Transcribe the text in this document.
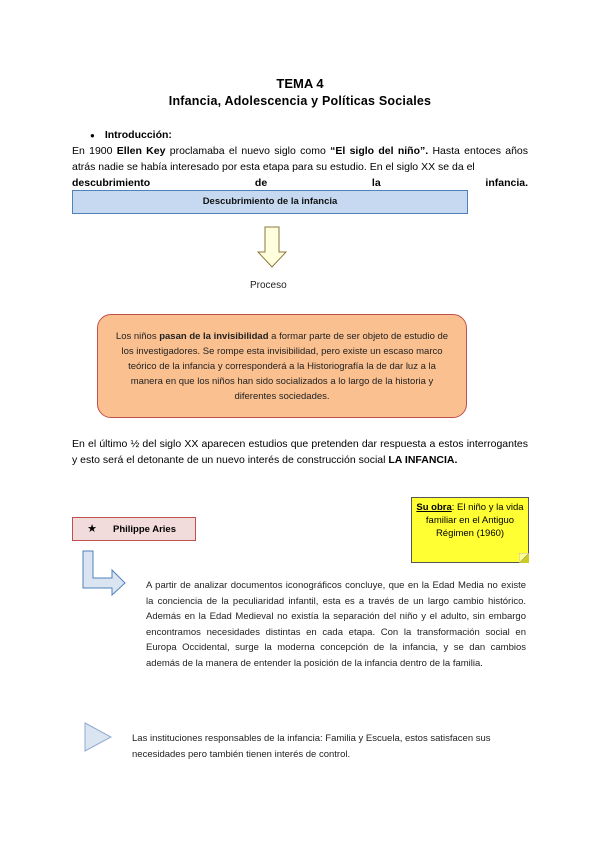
TEMA 4
Infancia, Adolescencia y Políticas Sociales
● Introducción:
En 1900 Ellen Key proclamaba el nuevo siglo como “El siglo del niño”. Hasta entoces años atrás nadie se había interesado por esta etapa para su estudio. En el siglo XX se da el
descubrimiento de la infancia.
Descubrimiento de la infancia
Proceso
Los niños pasan de la invisibilidad a formar parte de ser objeto de estudio de los investigadores. Se rompe esta invisibilidad, pero existe un escaso marco teórico de la infancia y corresponderá a la Historiografía la de dar luz a la manera en que los niños han sido socializados a lo largo de la historia y diferentes sociedades.
En el último ½ del siglo XX aparecen estudios que pretenden dar respuesta a estos interrogantes y esto será el detonante de un nuevo interés de construcción social LA INFANCIA.
Su obra: El niño y la vida familiar en el Antiguo Régimen (1960)
★ Philippe Aries
A partir de analizar documentos iconográficos concluye, que en la Edad Media no existe la conciencia de la peculiaridad infantil, esta es a través de un largo cambio histórico. Además en la Edad Medieval no existía la separación del niño y el adulto, sin embargo encontramos necesidades distintas en cada etapa. Con la transformación social en Europa Occidental, surge la moderna concepción de la infancia, y se dan cambios además de la manera de entender la posición de la infancia dentro de la familia.
Las instituciones responsables de la infancia: Familia y Escuela, estos satisfacen sus necesidades pero también tienen interés de control.
